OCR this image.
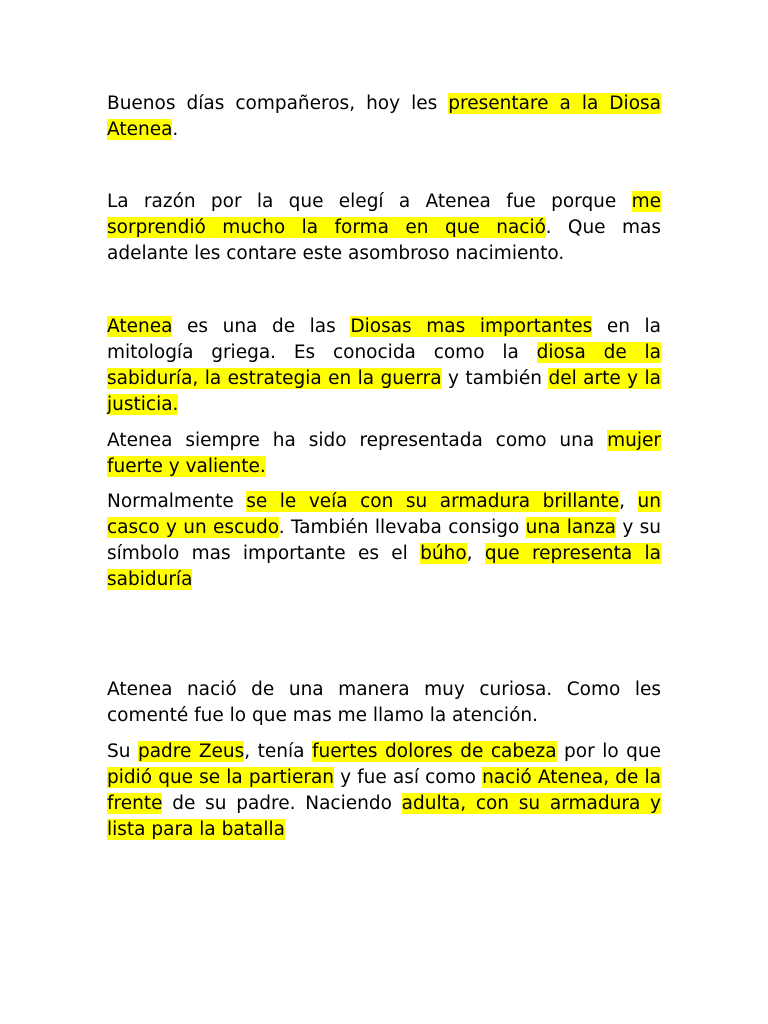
Buenos días compañeros, hoy les presentare a la Diosa Atenea.

La razón por la que elegí a Atenea fue porque me sorprendió mucho la forma en que nació. Que mas adelante les contare este asombroso nacimiento.

Atenea es una de las Diosas mas importantes en la mitología griega. Es conocida como la diosa de la sabiduría, la estrategia en la guerra y también del arte y la justicia.

Atenea siempre ha sido representada como una mujer fuerte y valiente.

Normalmente se le veía con su armadura brillante, un casco y un escudo. También llevaba consigo una lanza y su símbolo mas importante es el búho, que representa la sabiduría

Atenea nació de una manera muy curiosa. Como les comenté fue lo que mas me llamo la atención.

Su padre Zeus, tenía fuertes dolores de cabeza por lo que pidió que se la partieran y fue así como nació Atenea, de la frente de su padre. Naciendo adulta, con su armadura y lista para la batalla
